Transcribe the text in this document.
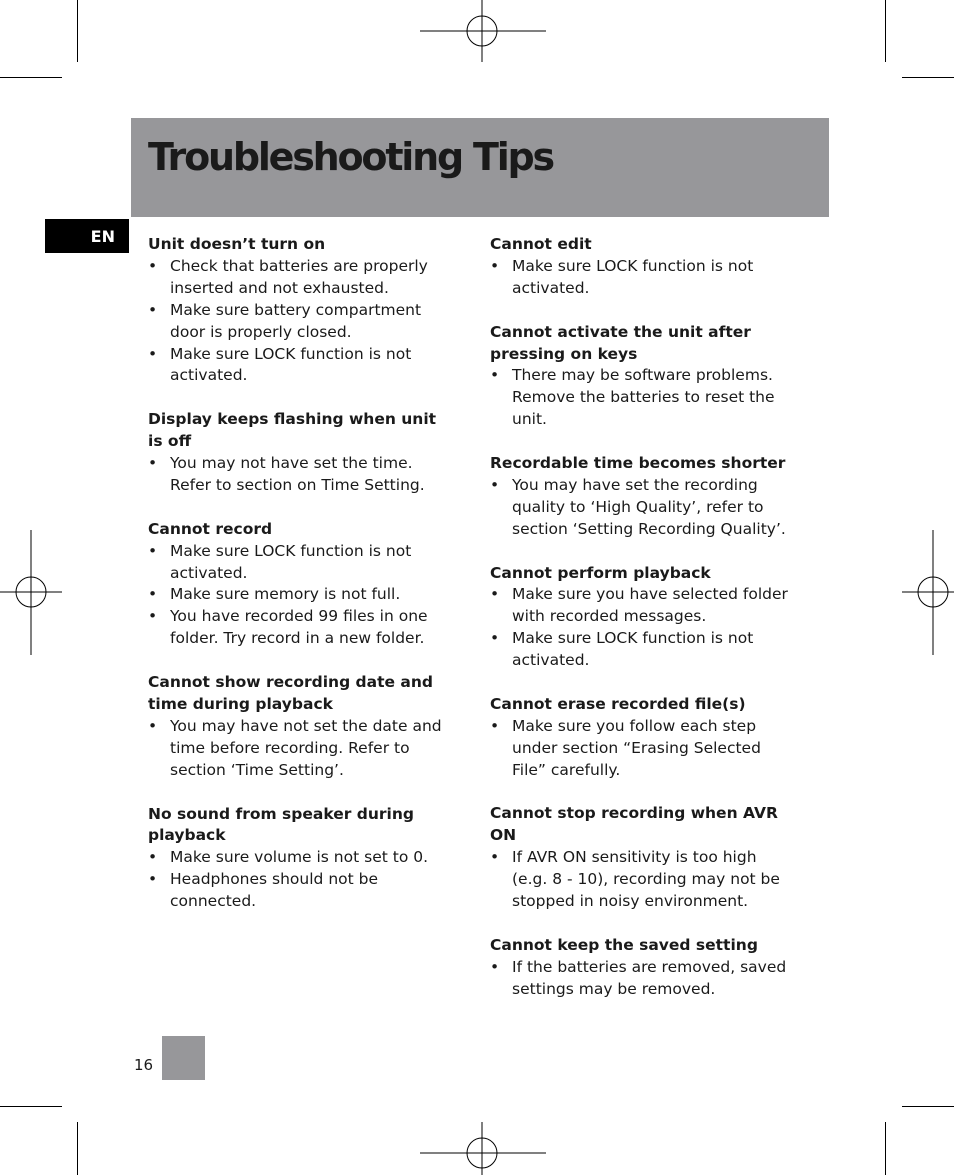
Troubleshooting Tips
EN	Unit doesn’t turn on
• Check that batteries are properly
inserted and not exhausted.
• Make sure battery compartment
door is properly closed.
• Make sure LOCK function is not
activated.
Display keeps flashing when unit
is off
• You may not have set the time.
Refer to section on Time Setting.
Cannot record
• Make sure LOCK function is not
activated.
• Make sure memory is not full.
• You have recorded 99 files in one
folder. Try record in a new folder.
Cannot show recording date and
time during playback
• You may have not set the date and
time before recording. Refer to
section ‘Time Setting’.
No sound from speaker during
playback
• Make sure volume is not set to 0.
• Headphones should not be
connected.
Cannot edit
• Make sure LOCK function is not
activated.
Cannot activate the unit after
pressing on keys
• There may be software problems.
Remove the batteries to reset the
unit.
Recordable time becomes shorter
• You may have set the recording
quality to ‘High Quality’, refer to
section ‘Setting Recording Quality’.
Cannot perform playback
• Make sure you have selected folder
with recorded messages.
• Make sure LOCK function is not
activated.
Cannot erase recorded file(s)
• Make sure you follow each step
under section “Erasing Selected
File” carefully.
Cannot stop recording when AVR
ON
• If AVR ON sensitivity is too high
(e.g. 8 - 10), recording may not be
stopped in noisy environment.
Cannot keep the saved setting
• If the batteries are removed, saved
settings may be removed.
16
